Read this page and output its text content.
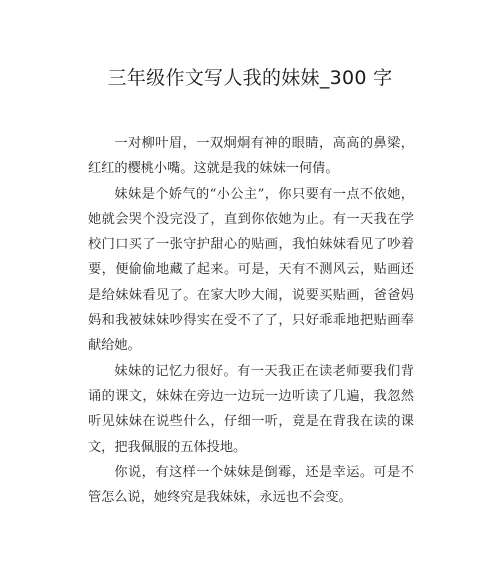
三年级作文写人我的妹妹_300 字

一对柳叶眉，一双炯炯有神的眼睛，高高的鼻梁，红红的樱桃小嘴。这就是我的妹妹一何倩。

妹妹是个娇气的“小公主”，你只要有一点不依她，她就会哭个没完没了，直到你依她为止。有一天我在学校门口买了一张守护甜心的贴画，我怕妹妹看见了吵着要，便偷偷地藏了起来。可是，天有不测风云，贴画还是给妹妹看见了。在家大吵大闹，说要买贴画，爸爸妈妈和我被妹妹吵得实在受不了了，只好乖乖地把贴画奉献给她。

妹妹的记忆力很好。有一天我正在读老师要我们背诵的课文，妹妹在旁边一边玩一边听读了几遍，我忽然听见妹妹在说些什么，仔细一听，竟是在背我在读的课文，把我佩服的五体投地。

你说，有这样一个妹妹是倒霉，还是幸运。可是不管怎么说，她终究是我妹妹，永远也不会变。
